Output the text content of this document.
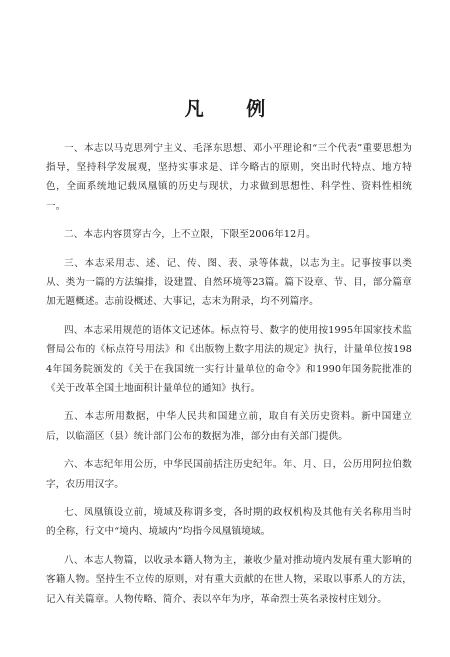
凡 例

一、本志以马克思列宁主义、毛泽东思想、邓小平理论和“三个代表”重要思想为指导，坚持科学发展观，坚持实事求是、详今略古的原则，突出时代特点、地方特色，全面系统地记载凤凰镇的历史与现状，力求做到思想性、科学性、资料性相统一。

二、本志内容贯穿古今，上不立限，下限至2006年12月。

三、本志采用志、述、记、传、图、表、录等体裁，以志为主。记事按事以类从、类为一篇的方法编排，设建置、自然环境等23篇。篇下设章、节、目，部分篇章加无题概述。志前设概述、大事记，志末为附录，均不列篇序。

四、本志采用规范的语体文记述体。标点符号、数字的使用按1995年国家技术监督局公布的《标点符号用法》和《出版物上数字用法的规定》执行，计量单位按1984年国务院颁发的《关于在我国统一实行计量单位的命令》和1990年国务院批准的《关于改革全国土地面积计量单位的通知》执行。

五、本志所用数据，中华人民共和国建立前，取自有关历史资料。新中国建立后，以临淄区（县）统计部门公布的数据为准，部分由有关部门提供。

六、本志纪年用公历，中华民国前括注历史纪年。年、月、日，公历用阿拉伯数字，农历用汉字。

七、凤凰镇设立前，境域及称谓多变，各时期的政权机构及其他有关名称用当时的全称，行文中“境内、境域内”均指今凤凰镇境域。

八、本志人物篇，以收录本籍人物为主，兼收少量对推动境内发展有重大影响的客籍人物。坚持生不立传的原则，对有重大贡献的在世人物，采取以事系人的方法，记入有关篇章。人物传略、简介、表以卒年为序，革命烈士英名录按村庄划分。
